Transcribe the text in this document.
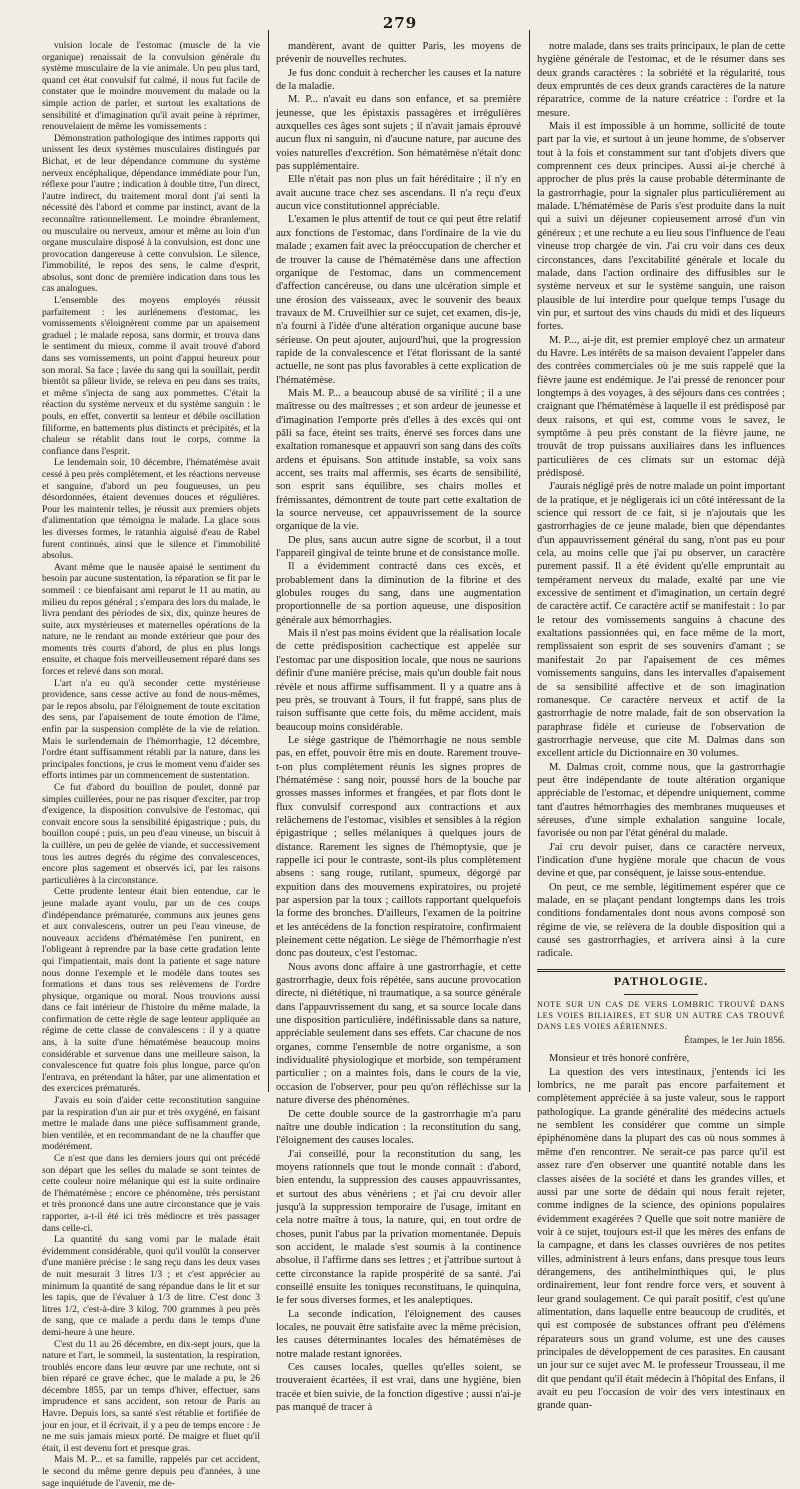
279

vulsion locale de l'estomac (muscle de la vie organique) renaissait de la convulsion générale du système musculaire de la vie animale. Un peu plus tard, quand cet état convulsif fut calmé, il nous fut facile de constater que le moindre mouvement du malade ou la simple action de parler, et surtout les exaltations de sensibilité et d'imagination qu'il avait peine à réprimer, renouvelaient de même les vomissements :

Démonstration pathologique des intimes rapports qui unissent les deux systèmes musculaires distingués par Bichat, et de leur dépendance commune du système nerveux encéphalique, dépendance immédiate pour l'un, réflexe pour l'autre ; indication à double titre, l'un direct, l'autre indirect, du traitement moral dont j'ai senti la nécessité dès l'abord et comme par instinct, avant de la reconnaître rationnellement. Le moindre ébranlement, ou musculaire ou nerveux, amour et même au loin d'un organe musculaire disposé à la convulsion, est donc une provocation dangereuse à cette convulsion. Le silence, l'immobilité, le repos des sens, le calme d'esprit, absolus, sont donc de première indication dans tous les cas analogues.

L'ensemble des moyens employés réussit parfaitement : les aurlénemens d'estomac, les vomissements s'éloignèrent comme par un apaisement graduel ; le malade reposa, sans dormir, et trouva dans le sentiment du mieux, comme il avait trouvé d'abord dans ses vomissements, un point d'appui heureux pour son moral. Sa face ; lavée du sang qui la souillait, perdit bientôt sa pâleur livide, se releva en peu dans ses traits, et même s'injecta de sang aux pommettes. C'était la réaction du système nerveux et du système sanguin : le pouls, en effet, convertit sa lenteur et débile oscillation filiforme, en battements plus distincts et précipités, et la chaleur se rétablit dans tout le corps, comme la confiance dans l'esprit.

Le lendemain soir, 10 décembre, l'hématémèse avait cessé à peu près complètement, et les réactions nerveuse et sanguine, d'abord un peu fougueuses, un peu désordonnées, étaient devenues douces et régulières. Pour les maintenir telles, je réussit aux premiers objets d'alimentation que témoigna le malade. La glace sous les diverses formes, le ratanhia aiguisé d'eau de Rabel furent continués, ainsi que le silence et l'immobilité absolus.

Avant même que le nausée apaisé le sentiment du besoin par aucune sustentation, la réparation se fit par le sommeil : ce bienfaisant ami reparut le 11 au matin, au milieu du repos général ; s'empara des lors du malade, le livra pendant des périodes de six, dix, quinze heures de suite, aux mystérieuses et maternelles opérations de la nature, ne le rendant au monde extérieur que pour des moments très courts d'abord, de plus en plus longs ensuite, et chaque fois merveilleusement réparé dans ses forces et relevé dans son moral.

L'art n'a eu qu'à seconder cette mystérieuse providence, sans cesse active au fond de nous-mêmes, par le repos absolu, par l'éloignement de toute excitation des sens, par l'apaisement de toute émotion de l'âme, enfin par la suspension complète de la vie de relation. Mais le surlendemain de l'hémorrhagie, 12 décembre, l'ordre étant suffisamment rétabli par la nature, dans les principales fonctions, je crus le moment venu d'aider ses efforts intimes par un commencement de sustentation.

Ce fut d'abord du bouillon de poulet, donné par simples cuillerées, pour ne pas risquer d'exciter, par trop d'exigence, la disposition convulsive de l'estomac, qui convait encore sous la sensibilité épigastrique ; puis, du bouillon coupé ; puis, un peu d'eau vineuse, un biscuit à la cuillère, un peu de gelée de viande, et successivement tous les autres degrés du régime des convalescences, encore plus sagement et observés ici, par les raisons particulières à la circonstance.

Cette prudente lenteur était bien entendue, car le jeune malade ayant voulu, par un de ces coups d'indépendance prématurée, communs aux jeunes gens et aux convalescens, outrer un peu l'eau vineuse, de nouveaux accidens d'hématémèse l'en punirent, en l'obligeant à reprendre par la base cette gradation lente qui l'impatientait, mais dont la patiente et sage nature nous donne l'exemple et le modèle dans toutes ses formations et dans tous ses relèvemens de l'ordre physique, organique ou moral. Nous trouvions aussi dans ce fait intérieur de l'histoire du même malade, la confirmation de cette règle de sage lenteur appliquée au régime de cette classe de convalescens : il y a quatre ans, à la suite d'une hématémèse beaucoup moins considérable et survenue dans une meilleure saison, la convalescence fut quatre fois plus longue, parce qu'on l'entrava, en prétendant la hâter, par une alimentation et des exercices prématurés.

J'avais eu soin d'aider cette reconstitution sanguine par la respiration d'un air pur et très oxygéné, en faisant mettre le malade dans une pièce suffisamment grande, bien ventilée, et en recommandant de ne la chauffer que modérément.

Ce n'est que dans les derniers jours qui ont précédé son départ que les selles du malade se sont teintes de cette couleur noire mélanique qui est la suite ordinaire de l'hématémèse ; encore ce phénomène, très persistant et très prononcé dans une autre circonstance que je vais rapporter, a-t-il été ici très médiocre et très passager dans celle-ci.

La quantité du sang vomi par le malade était évidemment considérable, quoi qu'il voulût la conserver d'une manière précise : le sang reçu dans les deux vases de nuit mesurait 3 litres 1/3 ; et c'est apprécier au minimum la quantité de sang répandue dans le lit et sur les tapis, que de l'évaluer à 1/3 de litre. C'est donc 3 litres 1/2, c'est-à-dire 3 kilog. 700 grammes à peu près de sang, que ce malade a perdu dans le temps d'une demi-heure à une heure.

C'est du 11 au 26 décembre, en dix-sept jours, que la nature et l'art, le sommeil, la sustentation, la respiration, troublés encore dans leur œuvre par une rechute, ont si bien réparé ce grave échec, que le malade a pu, le 26 décembre 1855, par un temps d'hiver, effectuer, sans imprudence et sans accident, son retour de Paris au Havre. Depuis lors, sa santé s'est rétablie et fortifiée de jour en jour, et il écrivait, il y a peu de temps encore : Je ne me suis jamais mieux porté. De maigre et fluet qu'il était, il est devenu fort et presque gras.

Mais M. P... et sa famille, rappelés par cet accident, le second du même genre depuis peu d'années, à une sage inquiétude de l'avenir, me de-

mandèrent, avant de quitter Paris, les moyens de prévenir de nouvelles rechutes.

Je fus donc conduit à rechercher les causes et la nature de la maladie.

M. P... n'avait eu dans son enfance, et sa première jeunesse, que les épistaxis passagères et irrégulières auxquelles ces âges sont sujets ; il n'avait jamais éprouvé aucun flux ni sanguin, ni d'aucune nature, par aucune des voies naturelles d'excrétion. Son hématémèse n'était donc pas supplémentaire.

Elle n'était pas non plus un fait héréditaire ; il n'y en avait aucune trace chez ses ascendans. Il n'a reçu d'eux aucun vice constitutionnel appréciable.

L'examen le plus attentif de tout ce qui peut être relatif aux fonctions de l'estomac, dans l'ordinaire de la vie du malade ; examen fait avec la préoccupation de chercher et de trouver la cause de l'hématémèse dans une affection organique de l'estomac, dans un commencement d'affection cancéreuse, ou dans une ulcération simple et une érosion des vaisseaux, avec le souvenir des beaux travaux de M. Cruveilhier sur ce sujet, cet examen, dis-je, n'a fourni à l'idée d'une altération organique aucune base sérieuse. On peut ajouter, aujourd'hui, que la progression rapide de la convalescence et l'état florissant de la santé actuelle, ne sont pas plus favorables à cette explication de l'hématémèse.

Mais M. P... a beaucoup abusé de sa virilité ; il a une maîtresse ou des maîtresses ; et son ardeur de jeunesse et d'imagination l'emporte près d'elles à des excès qui ont pâli sa face, éteint ses traits, énervé ses forces dans une exaltation romanesque et appauvri son sang dans des coïts ardens et épuisans. Son attitude instable, sa voix sans accent, ses traits mal affermis, ses écarts de sensibilité, son esprit sans équilibre, ses chairs molles et frémissantes, démontrent de toute part cette exaltation de la source nerveuse, cet appauvrissement de la source organique de la vie.

De plus, sans aucun autre signe de scorbut, il a tout l'appareil gingival de teinte brune et de consistance molle.

Il a évidemment contracté dans ces excès, et probablement dans la diminution de la fibrine et des globules rouges du sang, dans une augmentation proportionnelle de sa portion aqueuse, une disposition générale aux hémorrhagies.

Mais il n'est pas moins évident que la réalisation locale de cette prédisposition cachectique est appelée sur l'estomac par une disposition locale, que nous ne saurions définir d'une manière précise, mais qu'un double fait nous révèle et nous affirme suffisamment. Il y a quatre ans à peu près, se trouvant à Tours, il fut frappé, sans plus de raison suffisante que cette fois, du même accident, mais beaucoup moins considérable.

Le siège gastrique de l'hémorrhagie ne nous semble pas, en effet, pouvoir être mis en doute. Rarement trouve-t-on plus complètement réunis les signes propres de l'hématémèse : sang noir, poussé hors de la bouche par grosses masses informes et frangées, et par flots dont le flux convulsif correspond aux contractions et aux relâchemens de l'estomac, visibles et sensibles à la région épigastrique ; selles mélaniques à quelques jours de distance. Rarement les signes de l'hémoptysie, que je rappelle ici pour le contraste, sont-ils plus complètement absens : sang rouge, rutilant, spumeux, dégorgé par expuition dans des mouvemens expiratoires, ou projeté par aspersion par la toux ; caillots rapportant quelquefois la forme des bronches. D'ailleurs, l'examen de la poitrine et les antécédens de la fonction respiratoire, confirmaient pleinement cette négation. Le siège de l'hémorrhagie n'est donc pas douteux, c'est l'estomac.

Nous avons donc affaire à une gastrorrhagie, et cette gastrorrhagie, deux fois répétée, sans aucune provocation directe, ni diététique, ni traumatique, a sa source générale dans l'appauvrissement du sang, et sa source locale dans une disposition particulière, indéfinissable dans sa nature, appréciable seulement dans ses effets. Car chacune de nos organes, comme l'ensemble de notre organisme, a son individualité physiologique et morbide, son tempérament particulier ; on a maintes fois, dans le cours de la vie, occasion de l'observer, pour peu qu'on réfléchisse sur la nature diverse des phénomènes.

De cette double source de la gastrorrhagie m'a paru naître une double indication : la reconstitution du sang, l'éloignement des causes locales.

J'ai conseillé, pour la reconstitution du sang, les moyens rationnels que tout le monde connaît : d'abord, bien entendu, la suppression des causes appauvrissantes, et surtout des abus vénériens ; et j'ai cru devoir aller jusqu'à la suppression temporaire de l'usage, imitant en cela notre maître à tous, la nature, qui, en tout ordre de choses, punit l'abus par la privation momentanée. Depuis son accident, le malade s'est soumis à la continence absolue, il l'affirme dans ses lettres ; et j'attribue surtout à cette circonstance la rapide prospérité de sa santé. J'ai conseillé ensuite les toniques reconstituans, le quinquina, le fer sous diverses formes, et les analeptiques.

La seconde indication, l'éloignement des causes locales, ne pouvait être satisfaite avec la même précision, les causes déterminantes locales des hématémèses de notre malade restant ignorées.

Ces causes locales, quelles qu'elles soient, se trouveraient écartées, il est vrai, dans une hygiène, bien tracée et bien suivie, de la fonction digestive ; aussi n'ai-je pas manqué de tracer à

notre malade, dans ses traits principaux, le plan de cette hygiène générale de l'estomac, et de le résumer dans ses deux grands caractères : la sobriété et la régularité, tous deux empruntés de ces deux grands caractères de la nature réparatrice, comme de la nature créatrice : l'ordre et la mesure.

Mais il est impossible à un homme, sollicité de toute part par la vie, et surtout à un jeune homme, de s'observer tout à la fois et constamment sur tant d'objets divers que comprennent ces deux principes. Aussi ai-je cherché à approcher de plus près la cause probable déterminante de la gastrorrhagie, pour la signaler plus particulièrement au malade. L'hématémèse de Paris s'est produite dans la nuit qui a suivi un déjeuner copieusement arrosé d'un vin généreux ; et une rechute a eu lieu sous l'influence de l'eau vineuse trop chargée de vin. J'ai cru voir dans ces deux circonstances, dans l'excitabilité générale et locale du malade, dans l'action ordinaire des diffusibles sur le système nerveux et sur le système sanguin, une raison plausible de lui interdire pour quelque temps l'usage du vin pur, et surtout des vins chauds du midi et des liqueurs fortes.

M. P..., ai-je dit, est premier employé chez un armateur du Havre. Les intérêts de sa maison devaient l'appeler dans des contrées commerciales où je me suis rappelé que la fièvre jaune est endémique. Je l'ai pressé de renoncer pour longtemps à des voyages, à des séjours dans ces contrées ; craignant que l'hématémèse à laquelle il est prédisposé par deux raisons, et qui est, comme vous le savez, le symptôme à peu près constant de la fièvre jaune, ne trouvât de trop puissans auxiliaires dans les influences particulières de ces climats sur un estomac déjà prédisposé.

J'aurais négligé près de notre malade un point important de la pratique, et je négligerais ici un côté intéressant de la science qui ressort de ce fait, si je n'ajoutais que les gastrorrhagies de ce jeune malade, bien que dépendantes d'un appauvrissement général du sang, n'ont pas eu pour cela, au moins celle que j'ai pu observer, un caractère purement passif. Il a été évident qu'elle empruntait au tempérament nerveux du malade, exalté par une vie excessive de sentiment et d'imagination, un certain degré de caractère actif. Ce caractère actif se manifestait : 1o par le retour des vomissements sanguins à chacune des exaltations passionnées qui, en face même de la mort, remplissaient son esprit de ses souvenirs d'amant ; se manifestait 2o par l'apaisement de ces mêmes vomissements sanguins, dans les intervalles d'apaisement de sa sensibilité affective et de son imagination romanesque. Ce caractère nerveux et actif de la gastrorrhagie de notre malade, fait de son observation la paraphrase fidèle et curieuse de l'observation de gastrorrhagie nerveuse, que cite M. Dalmas dans son excellent article du Dictionnaire en 30 volumes.

M. Dalmas croit, comme nous, que la gastrorrhagie peut être indépendante de toute altération organique appréciable de l'estomac, et dépendre uniquement, comme tant d'autres hémorrhagies des membranes muqueuses et séreuses, d'une simple exhalation sanguine locale, favorisée ou non par l'état général du malade.

J'ai cru devoir puiser, dans ce caractère nerveux, l'indication d'une hygiène morale que chacun de vous devine et que, par conséquent, je laisse sous-entendue.

On peut, ce me semble, légitimement espérer que ce malade, en se plaçant pendant longtemps dans les trois conditions fondamentales dont nous avons composé son régime de vie, se relèvera de la double disposition qui a causé ses gastrorrhagies, et arrivera ainsi à la cure radicale.

PATHOLOGIE.
NOTE SUR UN CAS DE VERS LOMBRIC TROUVÉ DANS LES VOIES BILIAIRES, ET SUR UN AUTRE CAS TROUVÉ DANS LES VOIES AÉRIENNES.
Étampes, le 1er Juin 1856.

Monsieur et très honoré confrère,

La question des vers intestinaux, j'entends ici les lombrics, ne me paraît pas encore parfaitement et complètement appréciée à sa juste valeur, sous le rapport pathologique. La grande généralité des médecins actuels ne semblent les considérer que comme un simple épiphénomène dans la plupart des cas où nous sommes à même d'en rencontrer. Ne serait-ce pas parce qu'il est assez rare d'en observer une quantité notable dans les classes aisées de la société et dans les grandes villes, et aussi par une sorte de dédain qui nous ferait rejeter, comme indignes de la science, des opinions populaires évidemment exagérées ? Quelle que soit notre manière de voir à ce sujet, toujours est-il que les mères des enfans de la campagne, et dans les classes ouvrières de nos petites villes, administrent à leurs enfans, dans presque tous leurs dérangemens, des antihelminthiques qui, le plus ordinairement, leur font rendre force vers, et souvent à leur grand soulagement. Ce qui paraît positif, c'est qu'une alimentation, dans laquelle entre beaucoup de crudités, et qui est composée de substances offrant peu d'élémens réparateurs sous un grand volume, est une des causes principales de développement de ces parasites. En causant un jour sur ce sujet avec M. le professeur Trousseau, il me dit que pendant qu'il était médecin à l'hôpital des Enfans, il avait eu peu l'occasion de voir des vers intestinaux en grande quan-
